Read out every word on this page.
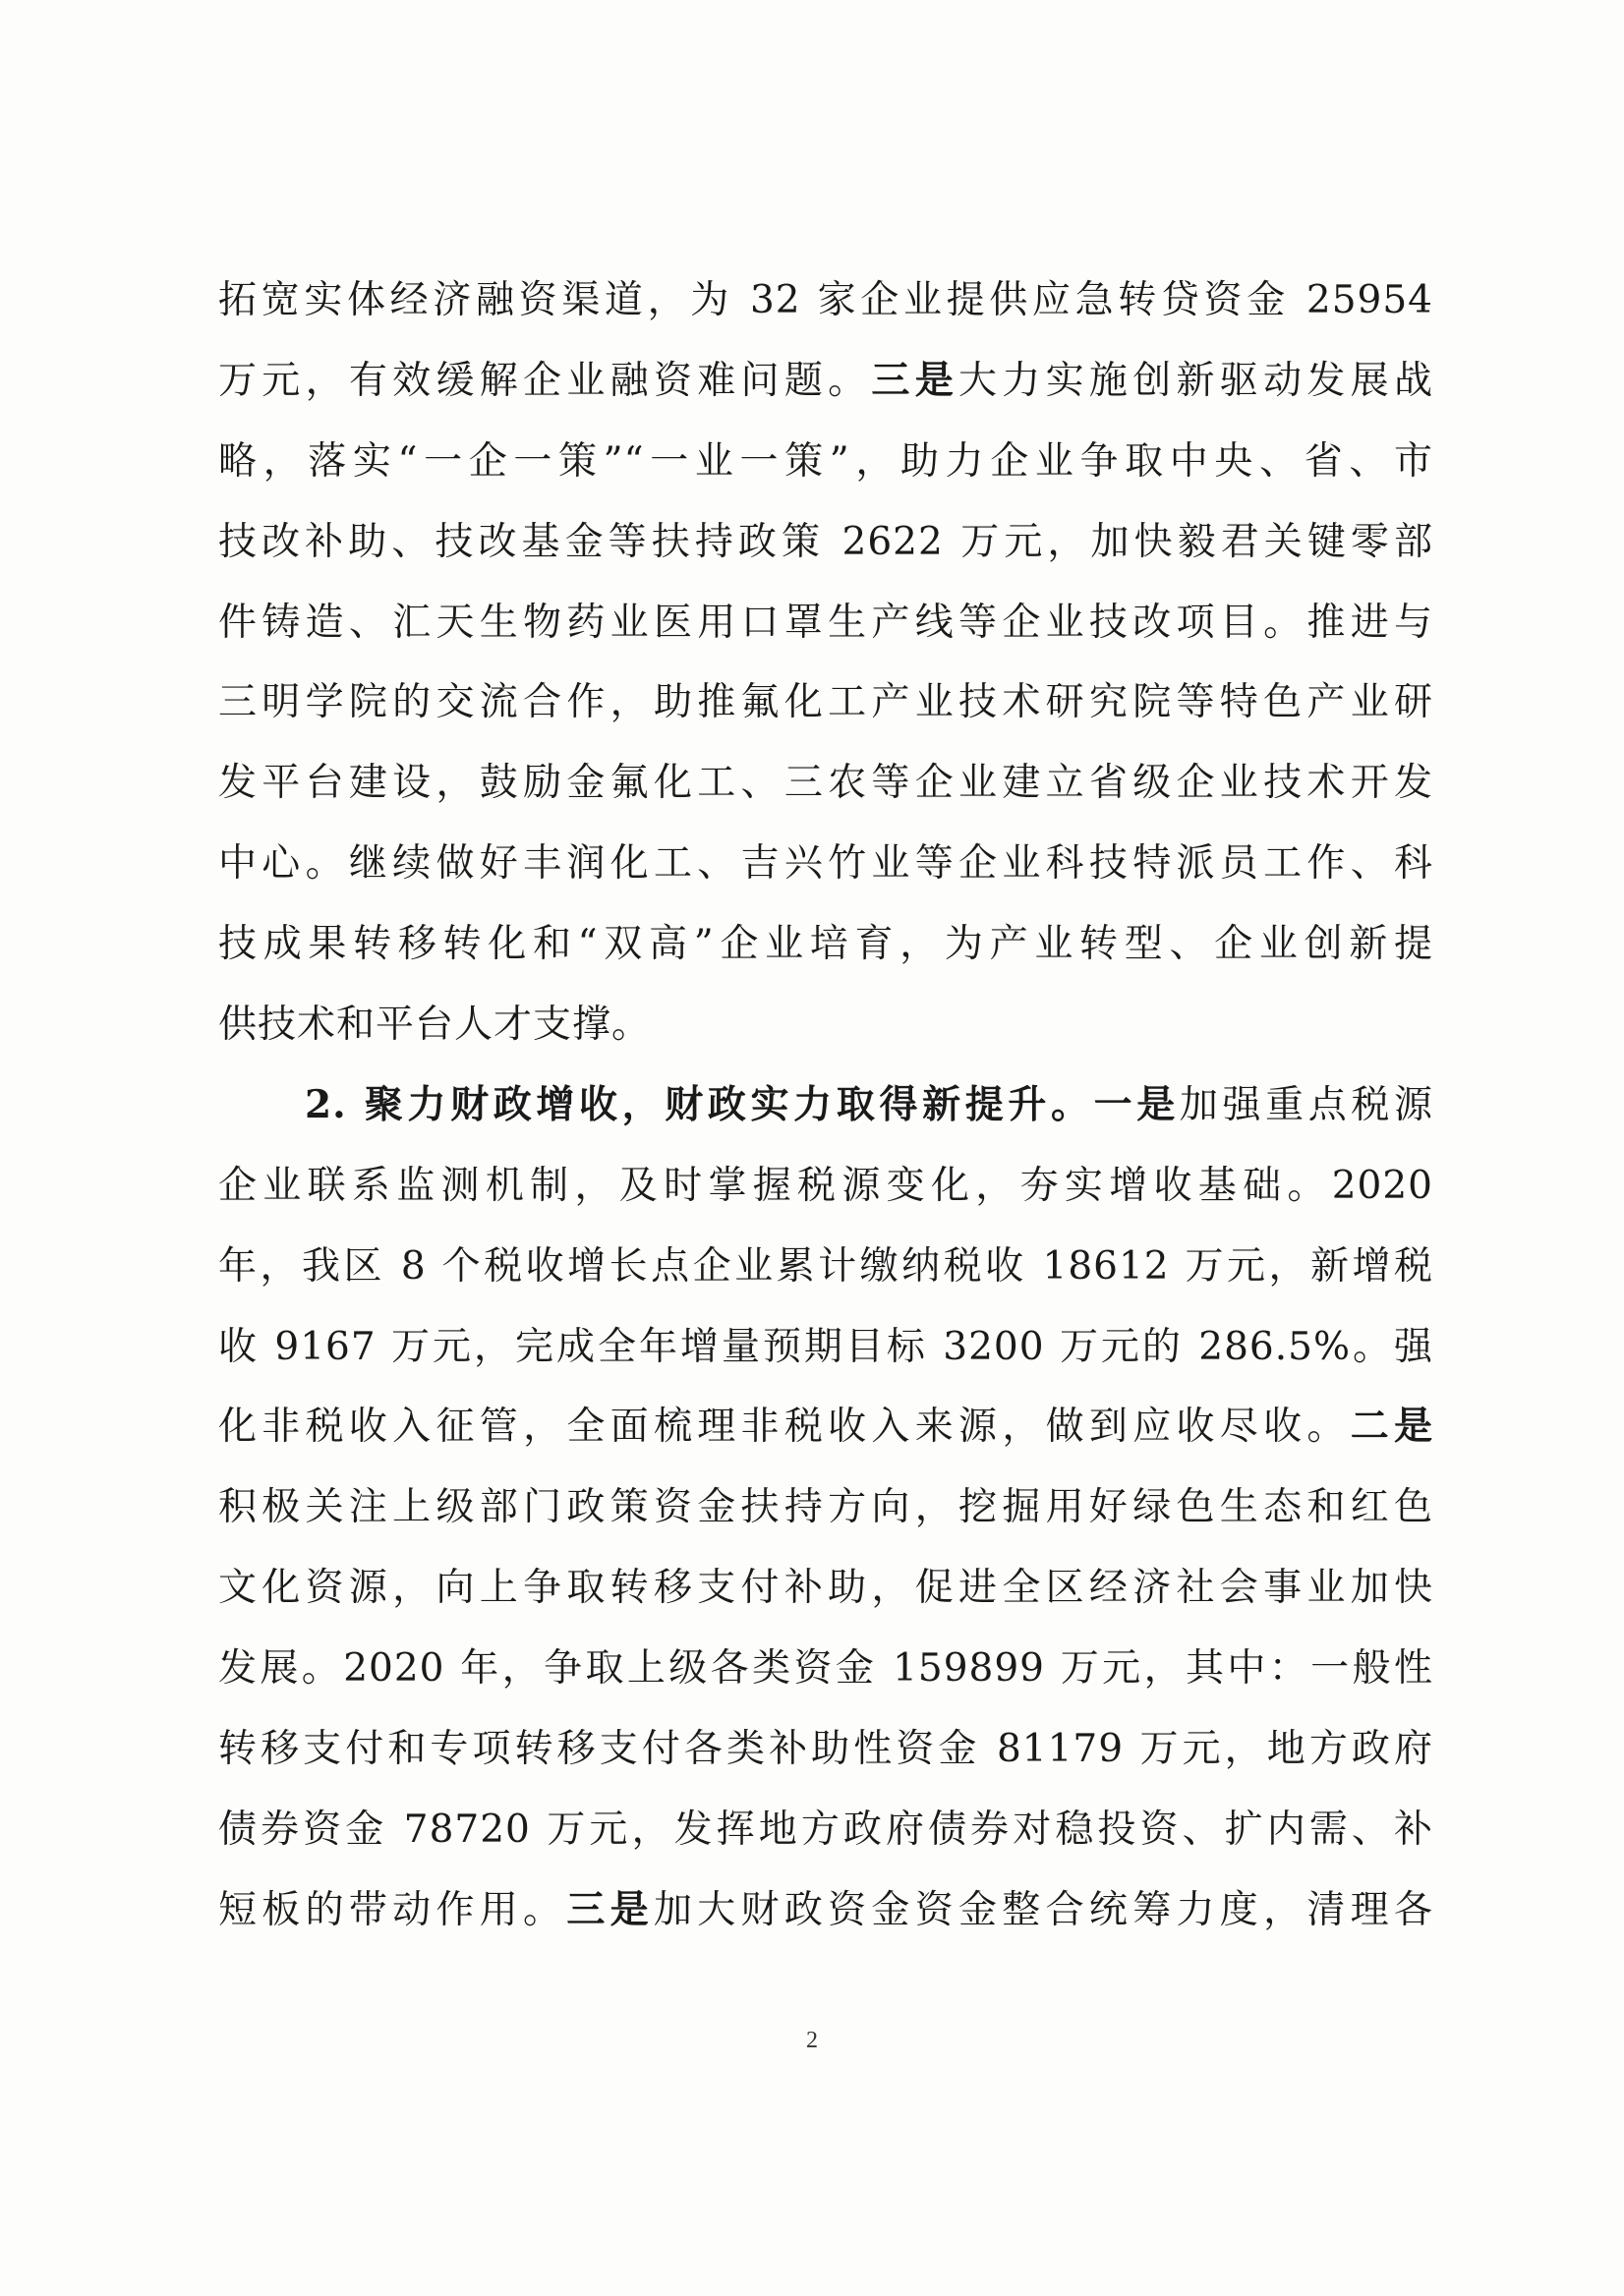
拓宽实体经济融资渠道，为 32 家企业提供应急转贷资金 25954
万元，有效缓解企业融资难问题。三是大力实施创新驱动发展战
略，落实“一企一策”“一业一策”，助力企业争取中央、省、市
技改补助、技改基金等扶持政策 2622 万元，加快毅君关键零部
件铸造、汇天生物药业医用口罩生产线等企业技改项目。推进与
三明学院的交流合作，助推氟化工产业技术研究院等特色产业研
发平台建设，鼓励金氟化工、三农等企业建立省级企业技术开发
中心。继续做好丰润化工、吉兴竹业等企业科技特派员工作、科
技成果转移转化和“双高”企业培育，为产业转型、企业创新提
供技术和平台人才支撑。
2. 聚力财政增收，财政实力取得新提升。一是加强重点税源
企业联系监测机制，及时掌握税源变化，夯实增收基础。2020
年，我区 8 个税收增长点企业累计缴纳税收 18612 万元，新增税
收 9167 万元，完成全年增量预期目标 3200 万元的 286.5%。强
化非税收入征管，全面梳理非税收入来源，做到应收尽收。二是
积极关注上级部门政策资金扶持方向，挖掘用好绿色生态和红色
文化资源，向上争取转移支付补助，促进全区经济社会事业加快
发展。2020 年，争取上级各类资金 159899 万元，其中：一般性
转移支付和专项转移支付各类补助性资金 81179 万元，地方政府
债券资金 78720 万元，发挥地方政府债券对稳投资、扩内需、补
短板的带动作用。三是加大财政资金资金整合统筹力度，清理各
2
